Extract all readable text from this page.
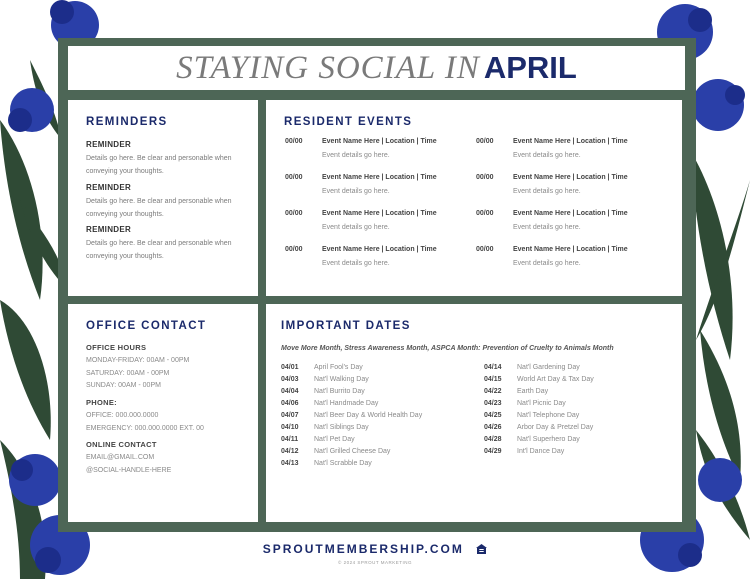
STAYING SOCIAL IN APRIL
REMINDERS
REMINDER
Details go here. Be clear and personable when conveying your thoughts.
REMINDER
Details go here. Be clear and personable when conveying your thoughts.
REMINDER
Details go here. Be clear and personable when conveying your thoughts.
RESIDENT EVENTS
00/00	Event Name Here | Location | Time
Event details go here.
00/00	Event Name Here | Location | Time
Event details go here.
00/00	Event Name Here | Location | Time
Event details go here.
00/00	Event Name Here | Location | Time
Event details go here.
00/00	Event Name Here | Location | Time
Event details go here.
00/00	Event Name Here | Location | Time
Event details go here.
00/00	Event Name Here | Location | Time
Event details go here.
00/00	Event Name Here | Location | Time
Event details go here.
OFFICE CONTACT
OFFICE HOURS
MONDAY-FRIDAY: 00AM - 00PM
SATURDAY: 00AM - 00PM
SUNDAY: 00AM - 00PM
PHONE:
OFFICE: 000.000.0000
EMERGENCY: 000.000.0000 EXT. 00
ONLINE CONTACT
EMAIL@GMAIL.COM
@SOCIAL-HANDLE-HERE
IMPORTANT DATES
Move More Month, Stress Awareness Month, ASPCA Month: Prevention of Cruelty to Animals Month
04/01 April Fool's Day
04/03 Nat'l Walking Day
04/04 Nat'l Burrito Day
04/06 Nat'l Handmade Day
04/07 Nat'l Beer Day & World Health Day
04/10 Nat'l Siblings Day
04/11 Nat'l Pet Day
04/12 Nat'l Grilled Cheese Day
04/13 Nat'l Scrabble Day
04/14 Nat'l Gardening Day
04/15 World Art Day & Tax Day
04/22 Earth Day
04/23 Nat'l Picnic Day
04/25 Nat'l Telephone Day
04/26 Arbor Day & Pretzel Day
04/28 Nat'l Superhero Day
04/29 Int'l Dance Day
SPROUTMEMBERSHIP.COM
© 2024 SPROUT MARKETING
